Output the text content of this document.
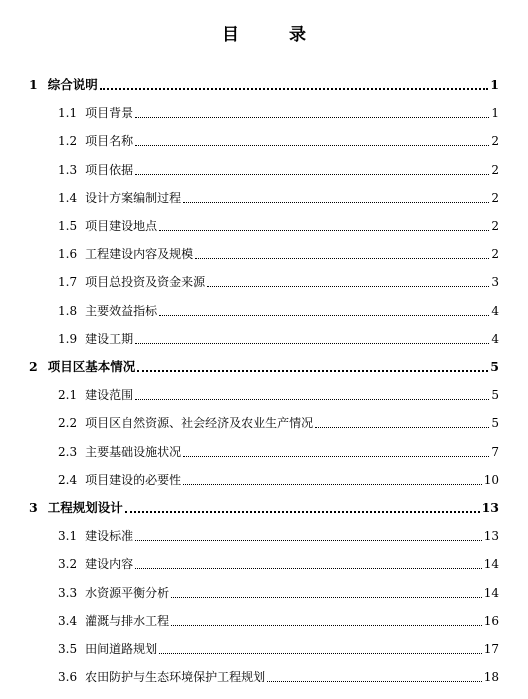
目 录
1 综合说明	1
1.1 项目背景	1
1.2 项目名称	2
1.3 项目依据	2
1.4 设计方案编制过程	2
1.5 项目建设地点	2
1.6 工程建设内容及规模	2
1.7 项目总投资及资金来源	3
1.8 主要效益指标	4
1.9 建设工期	4
2 项目区基本情况	5
2.1 建设范围	5
2.2 项目区自然资源、社会经济及农业生产情况	5
2.3 主要基础设施状况	7
2.4 项目建设的必要性	10
3 工程规划设计	13
3.1 建设标准	13
3.2 建设内容	14
3.3 水资源平衡分析	14
3.4 灌溉与排水工程	16
3.5 田间道路规划	17
3.6 农田防护与生态环境保护工程规划	18
